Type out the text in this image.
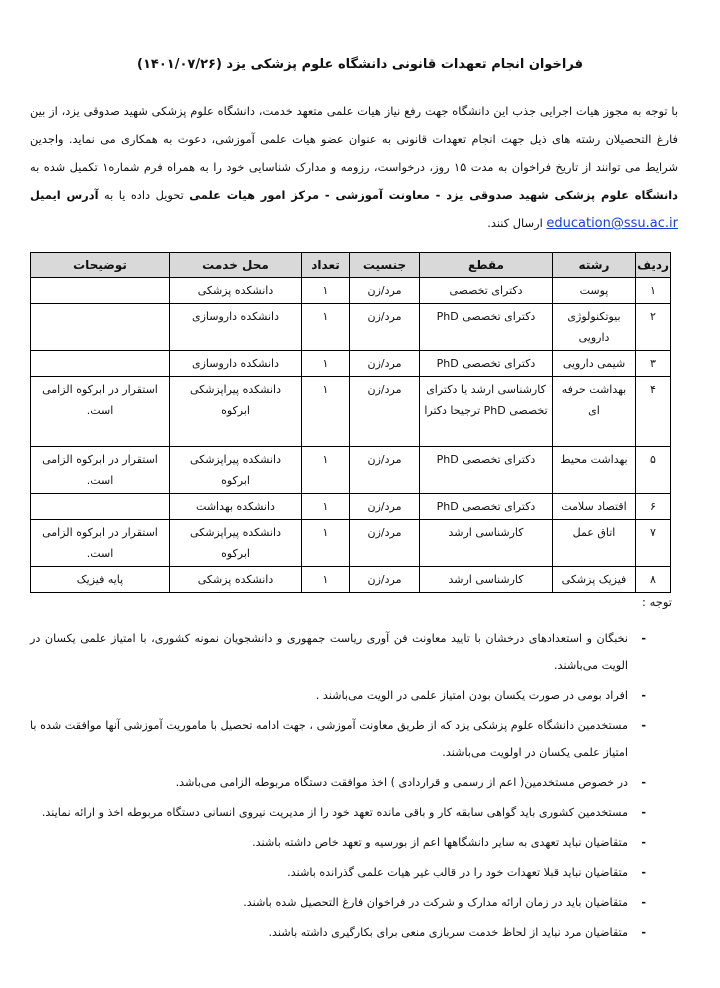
فراخوان انجام تعهدات قانونی دانشگاه علوم پزشکی یزد (۱۴۰۱/۰۷/۲۶)
با توجه به مجوز هیات اجرایی جذب این دانشگاه جهت رفع نیاز هیات علمی متعهد خدمت، دانشگاه علوم پزشکی شهید صدوقی یزد، از بین فارغ التحصیلان رشته های ذیل جهت انجام تعهدات قانونی به عنوان عضو هیات علمی آموزشی، دعوت به همکاری می نماید. واجدین شرایط می توانند از تاریخ فراخوان به مدت ۱۵ روز، درخواست، رزومه و مدارک شناسایی خود را به همراه فرم شماره۱ تکمیل شده به دانشگاه علوم پزشکی شهید صدوقی یزد - معاونت آموزشی - مرکز امور هیات علمی تحویل داده یا به آدرس ایمیل education@ssu.ac.ir ارسال کنند.
ردیف	رشته	مقطع	جنسیت	تعداد	محل خدمت	توضیحات
۱	پوست	دکترای تخصصی	مرد/زن	۱	دانشکده پزشکی	
۲	بیوتکنولوژی دارویی	دکترای تخصصی PhD	مرد/زن	۱	دانشکده داروسازی	
۳	شیمی دارویی	دکترای تخصصی PhD	مرد/زن	۱	دانشکده داروسازی	
۴	بهداشت حرفه ای	کارشناسی ارشد یا دکترای تخصصی PhD ترجیحا دکترا	مرد/زن	۱	دانشکده پیراپزشکی ابرکوه	استقرار در ابرکوه الزامی است.
۵	بهداشت محیط	دکترای تخصصی PhD	مرد/زن	۱	دانشکده پیراپزشکی ابرکوه	استقرار در ابرکوه الزامی است.
۶	اقتصاد سلامت	دکترای تخصصی PhD	مرد/زن	۱	دانشکده بهداشت	
۷	اتاق عمل	کارشناسی ارشد	مرد/زن	۱	دانشکده پیراپزشکی ابرکوه	استقرار در ابرکوه الزامی است.
۸	فیزیک پزشکی	کارشناسی ارشد	مرد/زن	۱	دانشکده پزشکی	پایه فیزیک
توجه :
- نخبگان و استعدادهای درخشان با تایید معاونت فن آوری ریاست جمهوری و دانشجویان نمونه کشوری، با امتیاز علمی یکسان در الویت می‌باشند.
- افراد بومی در صورت یکسان بودن امتیاز علمی در الویت می‌باشند .
- مستخدمین دانشگاه علوم پزشکی یزد که از طریق معاونت آموزشی ، جهت ادامه تحصیل با ماموریت آموزشی آنها موافقت شده با امتیاز علمی یکسان در اولویت می‌باشند.
- در خصوص مستخدمین( اعم از رسمی و قراردادی ) اخذ موافقت دستگاه مربوطه الزامی می‌باشد.
- مستخدمین کشوری باید گواهی سابقه کار و باقی مانده تعهد خود را از مدیریت نیروی انسانی دستگاه مربوطه اخذ و ارائه نمایند.
- متقاضیان نباید تعهدی به سایر دانشگاهها اعم از بورسیه و تعهد خاص داشته باشند.
- متقاضیان نباید قبلا تعهدات خود را در قالب غیر هیات علمی گذرانده باشند.
- متقاضیان باید در زمان ارائه مدارک و شرکت در فراخوان فارغ التحصیل شده باشند.
- متقاضیان مرد نباید از لحاظ خدمت سربازی منعی برای بکارگیری داشته باشند.
